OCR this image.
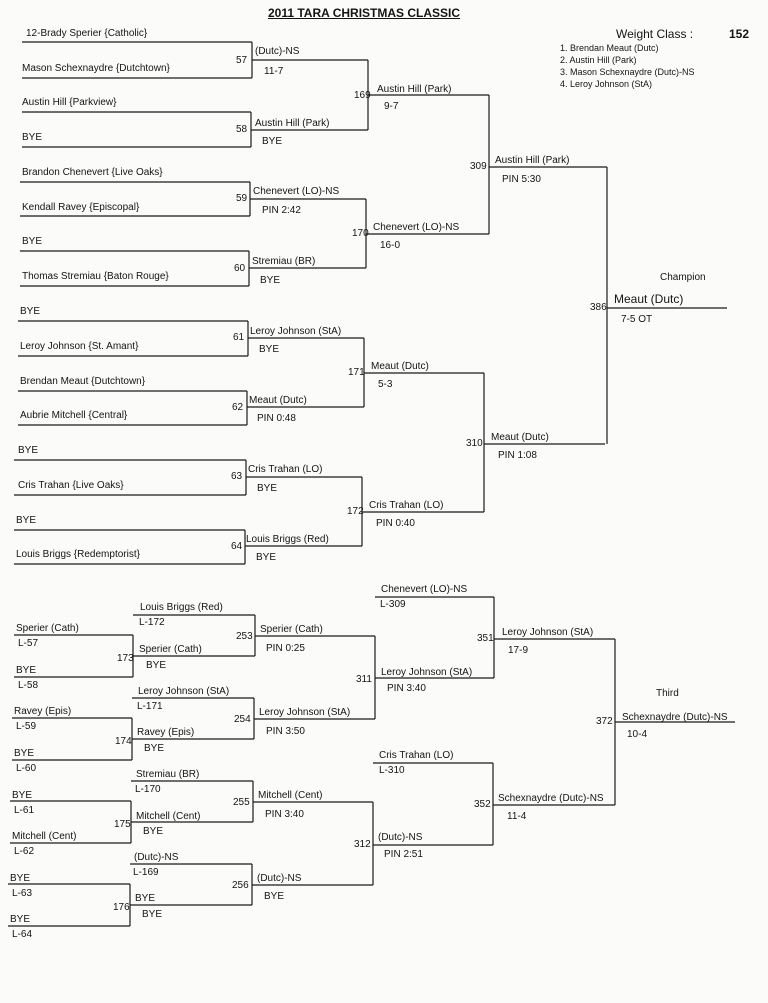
2011 TARA CHRISTMAS CLASSIC
Weight Class :	152
1. Brendan Meaut (Dutc)
2. Austin Hill (Park)
3. Mason Schexnaydre (Dutc)-NS
4. Leroy Johnson (StA)
12-Brady Sperier {Catholic}
Mason Schexnaydre {Dutchtown}
Austin Hill {Parkview}
BYE
Brandon Chenevert {Live Oaks}
Kendall Ravey {Episcopal}
BYE
Thomas Stremiau {Baton Rouge}
BYE
Leroy Johnson {St. Amant}
Brendan Meaut {Dutchtown}
Aubrie Mitchell {Central}
BYE
Cris Trahan {Live Oaks}
BYE
Louis Briggs {Redemptorist}
57
(Dutc)-NS
11-7
58
Austin Hill (Park)
BYE
59
Chenevert (LO)-NS
PIN 2:42
60
Stremiau (BR)
BYE
61
Leroy Johnson (StA)
BYE
62
Meaut (Dutc)
PIN 0:48
63
Cris Trahan (LO)
BYE
64
Louis Briggs (Red)
BYE
169
Austin Hill (Park)
9-7
170
Chenevert (LO)-NS
16-0
171
Meaut (Dutc)
5-3
172
Cris Trahan (LO)
PIN 0:40
309
Austin Hill (Park)
PIN 5:30
310
Meaut (Dutc)
PIN 1:08
Champion
386
Meaut (Dutc)
7-5 OT
Sperier (Cath)
L-57
BYE
L-58
Ravey (Epis)
L-59
BYE
L-60
BYE
L-61
Mitchell (Cent)
L-62
BYE
L-63
BYE
L-64
173
Sperier (Cath)
BYE
174
Ravey (Epis)
BYE
175
Mitchell (Cent)
BYE
176
BYE
BYE
Louis Briggs (Red)
L-172
Leroy Johnson (StA)
L-171
Stremiau (BR)
L-170
(Dutc)-NS
L-169
253
Sperier (Cath)
PIN 0:25
254
Leroy Johnson (StA)
PIN 3:50
255
Mitchell (Cent)
PIN 3:40
256
(Dutc)-NS
BYE
311
Leroy Johnson (StA)
PIN 3:40
312
(Dutc)-NS
PIN 2:51
Chenevert (LO)-NS
L-309
Cris Trahan (LO)
L-310
351
Leroy Johnson (StA)
17-9
352
Schexnaydre (Dutc)-NS
11-4
Third
372 Schexnaydre (Dutc)-NS
10-4
